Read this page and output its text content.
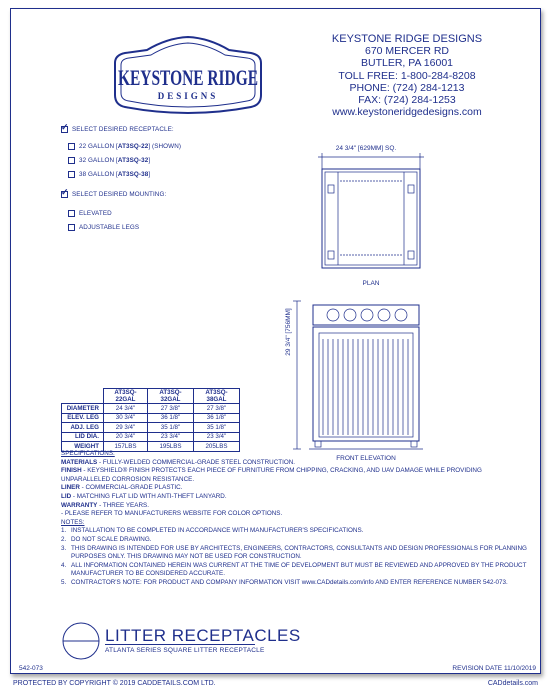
KEYSTONE RIDGE
DESIGNS
KEYSTONE RIDGE DESIGNS
670 MERCER RD
BUTLER, PA 16001
TOLL FREE: 1-800-284-8208
PHONE: (724) 284-1213
FAX: (724) 284-1253
www.keystoneridgedesigns.com
✓
SELECT DESIRED RECEPTACLE:
22 GALLON [AT3SQ-22] (SHOWN)
32 GALLON [AT3SQ-32]
38 GALLON [AT3SQ-38]
✓
SELECT DESIRED MOUNTING:
ELEVATED
ADJUSTABLE LEGS
24 3/4" [629MM] SQ.
PLAN
29 3/4" [756MM]
FRONT ELEVATION
	AT3SQ-22GAL	AT3SQ-32GAL	AT3SQ-38GAL
DIAMETER	24 3/4"	27 3/8"	27 3/8"
ELEV. LEG	30 3/4"	36 1/8"	36 1/8"
ADJ. LEG	29 3/4"	35 1/8"	35 1/8"
LID DIA.	20 3/4"	23 3/4"	23 3/4"
WEIGHT	157LBS	195LBS	205LBS
SPECIFICATIONS:
MATERIALS - FULLY-WELDED COMMERCIAL-GRADE STEEL CONSTRUCTION.
FINISH - KEYSHIELD® FINISH PROTECTS EACH PIECE OF FURNITURE FROM CHIPPING, CRACKING, AND UAV DAMAGE WHILE PROVIDING UNPARALLELED CORROSION RESISTANCE.
LINER - COMMERCIAL-GRADE PLASTIC.
LID - MATCHING FLAT LID WITH ANTI-THEFT LANYARD.
WARRANTY - THREE YEARS.
- PLEASE REFER TO MANUFACTURERS WEBSITE FOR COLOR OPTIONS.
NOTES:
1. INSTALLATION TO BE COMPLETED IN ACCORDANCE WITH MANUFACTURER'S SPECIFICATIONS.
2. DO NOT SCALE DRAWING.
3. THIS DRAWING IS INTENDED FOR USE BY ARCHITECTS, ENGINEERS, CONTRACTORS, CONSULTANTS AND DESIGN PROFESSIONALS FOR PLANNING PURPOSES ONLY. THIS DRAWING MAY NOT BE USED FOR CONSTRUCTION.
4. ALL INFORMATION CONTAINED HEREIN WAS CURRENT AT THE TIME OF DEVELOPMENT BUT MUST BE REVIEWED AND APPROVED BY THE PRODUCT MANUFACTURER TO BE CONSIDERED ACCURATE.
5. CONTRACTOR'S NOTE: FOR PRODUCT AND COMPANY INFORMATION VISIT www.CADdetails.com/info AND ENTER REFERENCE NUMBER 542-073.
LITTER RECEPTACLES
ATLANTA SERIES SQUARE LITTER RECEPTACLE
542-073	REVISION DATE 11/10/2019
PROTECTED BY COPYRIGHT © 2019 CADDETAILS.COM LTD.	CADdetails.com
